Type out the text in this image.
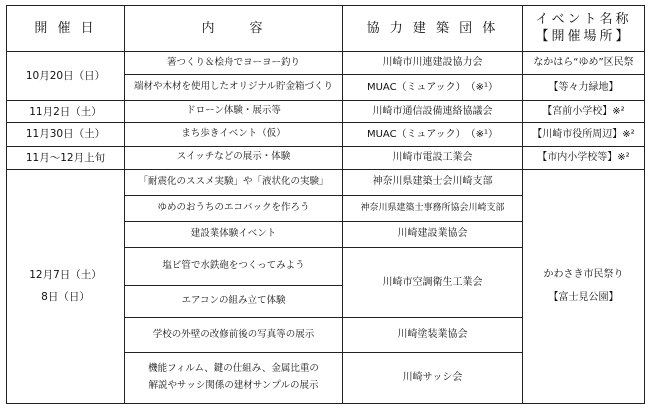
開 催 日	内　　容	協 力 建 築 団 体	イベント名称
【開催場所】

10月20日（日）	箸つくり＆桧舟でヨーヨー釣り	川崎市川連建設協力会	なかはら“ゆめ”区民祭
	端材や木材を使用したオリジナル貯金箱づくり	MUAC（ミュアック）　（※¹）	【等々力緑地】
11月2日（土）	ドローン体験・展示等	川崎市通信設備連絡協議会	【宮前小学校】※²
11月30日（土）	まち歩きイベント（仮）	MUAC（ミュアック）　（※¹）	【川崎市役所周辺】※²
11月～12月上旬	スイッチなどの展示・体験	川崎市電設工業会	【市内小学校等】※²

12月7日（土）
8日（日）	「耐震化のススメ実験」や「液状化の実験」	神奈川県建築士会川崎支部	かわさき市民祭り
【富士見公園】

	ゆめのおうちのエコバックを作ろう	神奈川県建築士事務所協会川崎支部	
	建設業体験イベント	川崎建設業協会	
	塩ビ管で水鉄砲をつくってみよう	川崎市空調衛生工業会	
	エアコンの組み立て体験		
	学校の外壁の改修前後の写真等の展示	川崎塗装業協会	

	機能フィルム、鍵の仕組み、金属比重の
解説やサッシ関係の建材サンプルの展示	川崎サッシ会	
